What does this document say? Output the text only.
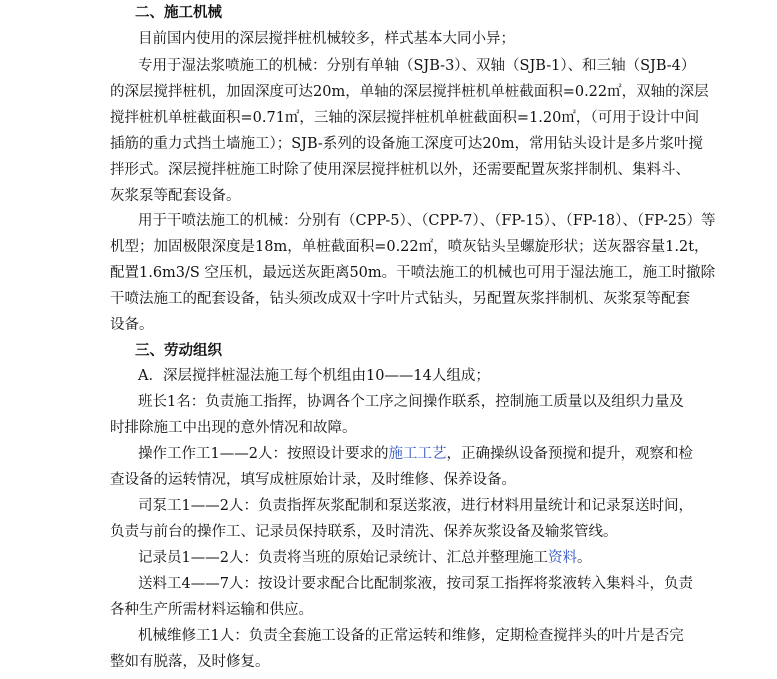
二、施工机械
目前国内使用的深层搅拌桩机械较多，样式基本大同小异；
专用于湿法浆喷施工的机械：分别有单轴（SJB-3）、双轴（SJB-1）、和三轴（SJB-4）
的深层搅拌桩机，加固深度可达20m，单轴的深层搅拌桩机单桩截面积=0.22㎡，双轴的深层
搅拌桩机单桩截面积=0.71㎡，三轴的深层搅拌桩机单桩截面积=1.20㎡，（可用于设计中间
插筋的重力式挡土墙施工）；SJB-系列的设备施工深度可达20m，常用钻头设计是多片浆叶搅
拌形式。深层搅拌桩施工时除了使用深层搅拌桩机以外，还需要配置灰浆拌制机、集料斗、
灰浆泵等配套设备。
用于干喷法施工的机械：分别有（CPP-5）、（CPP-7）、（FP-15）、（FP-18）、（FP-25）等
机型；加固极限深度是18m，单桩截面积=0.22㎡，喷灰钻头呈螺旋形状；送灰器容量1.2t，
配置1.6m3/S 空压机，最远送灰距离50m。干喷法施工的机械也可用于湿法施工，施工时撤除
干喷法施工的配套设备，钻头须改成双十字叶片式钻头，另配置灰浆拌制机、灰浆泵等配套
设备。
三、劳动组织
A．深层搅拌桩湿法施工每个机组由10——14人组成；
班长1名：负责施工指挥，协调各个工序之间操作联系，控制施工质量以及组织力量及
时排除施工中出现的意外情况和故障。
操作工作工1——2人：按照设计要求的施工工艺，正确操纵设备预搅和提升，观察和检
查设备的运转情况，填写成桩原始计录，及时维修、保养设备。
司泵工1——2人：负责指挥灰浆配制和泵送浆液，进行材料用量统计和记录泵送时间，
负责与前台的操作工、记录员保持联系，及时清洗、保养灰浆设备及输浆管线。
记录员1——2人：负责将当班的原始记录统计、汇总并整理施工资料。
送料工4——7人：按设计要求配合比配制浆液，按司泵工指挥将浆液转入集料斗，负责
各种生产所需材料运输和供应。
机械维修工1人：负责全套施工设备的正常运转和维修，定期检查搅拌头的叶片是否完
整如有脱落，及时修复。
